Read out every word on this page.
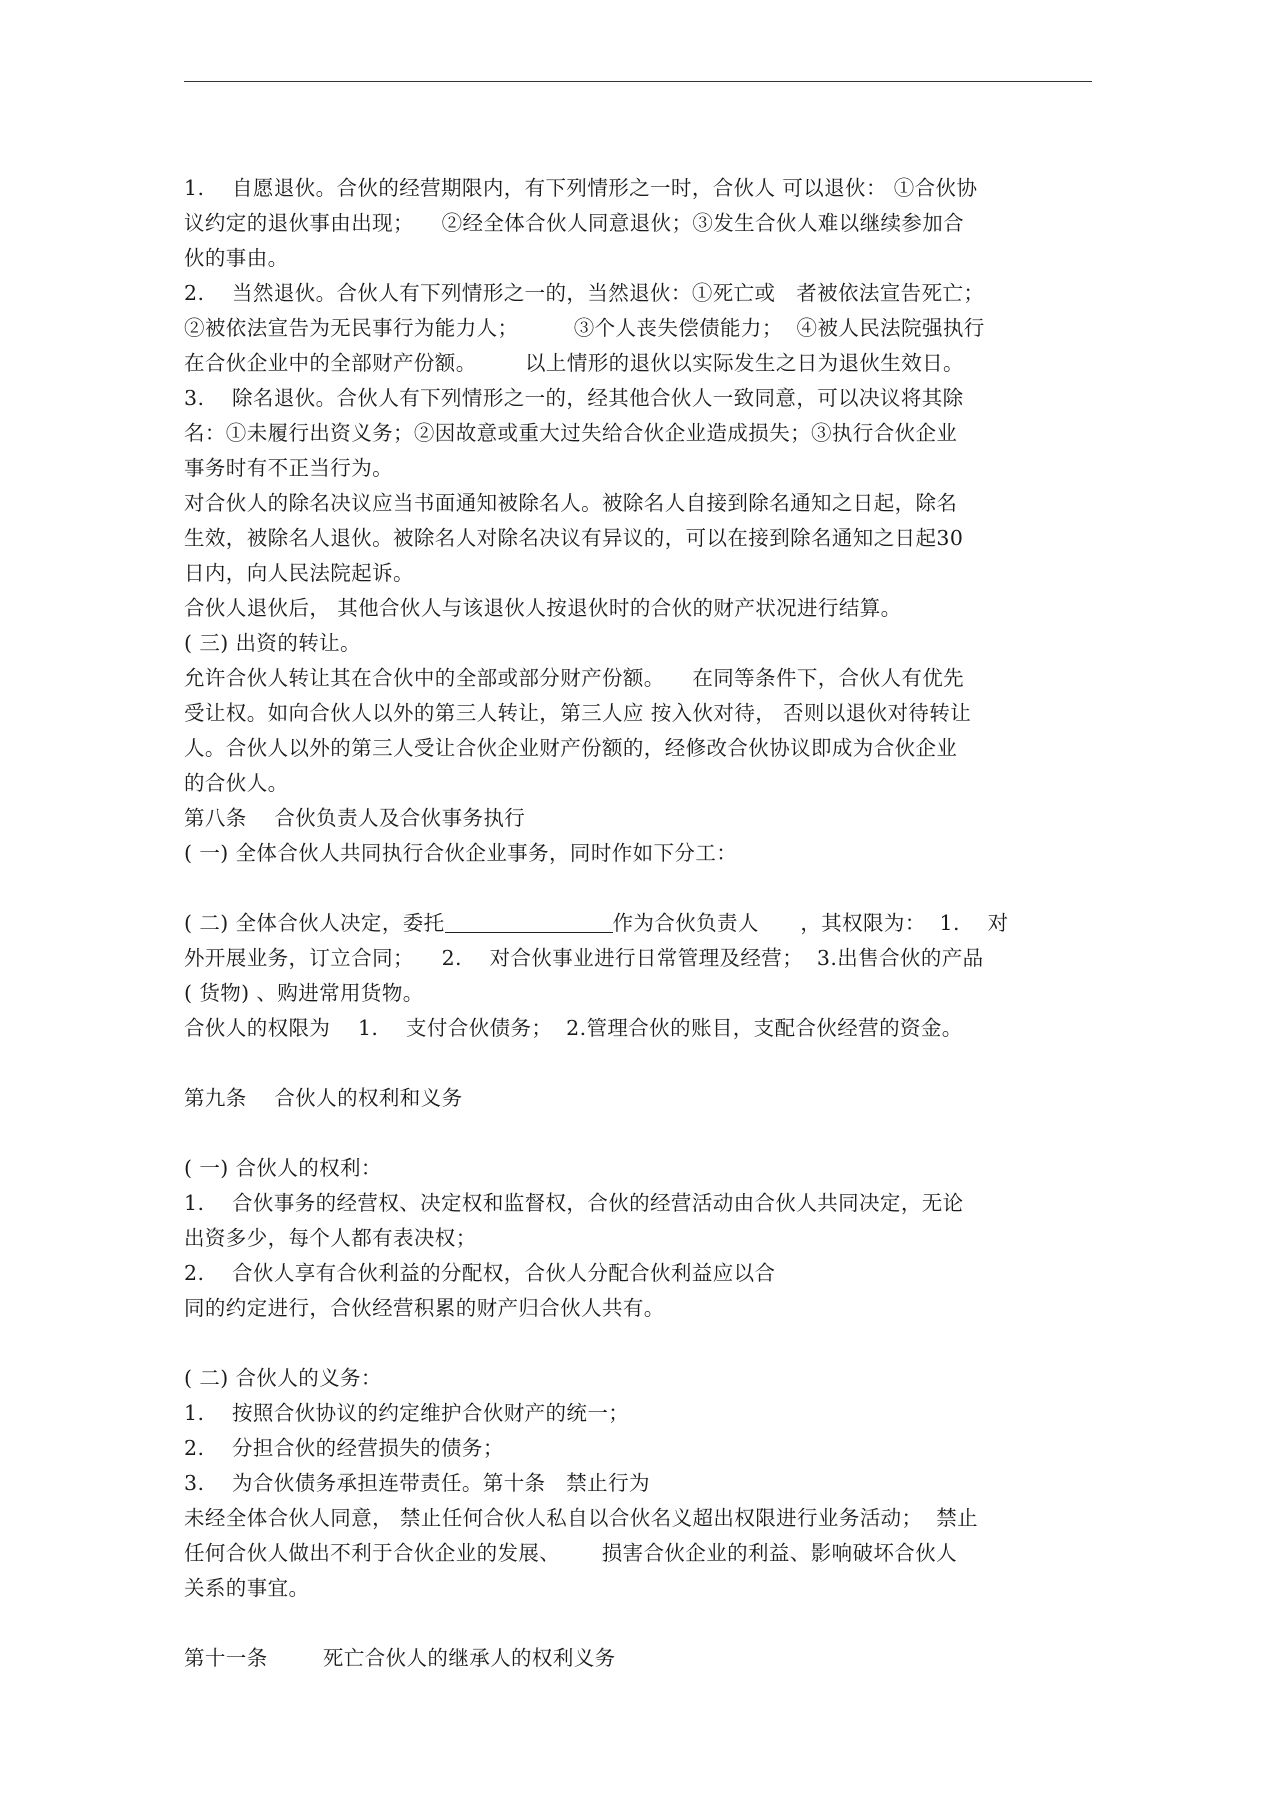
1.    自愿退伙。合伙的经营期限内，有下列情形之一时，合伙人 可以退伙： ①合伙协
议约定的退伙事由出现；    ②经全体合伙人同意退伙；③发生合伙人难以继续参加合
伙的事由。
2.    当然退伙。合伙人有下列情形之一的，当然退伙：①死亡或   者被依法宣告死亡；
②被依法宣告为无民事行为能力人；        ③个人丧失偿债能力；  ④被人民法院强执行
在合伙企业中的全部财产份额。       以上情形的退伙以实际发生之日为退伙生效日。
3.    除名退伙。合伙人有下列情形之一的，经其他合伙人一致同意，可以决议将其除
名：①未履行出资义务；②因故意或重大过失给合伙企业造成损失；③执行合伙企业
事务时有不正当行为。
对合伙人的除名决议应当书面通知被除名人。被除名人自接到除名通知之日起，除名
生效，被除名人退伙。被除名人对除名决议有异议的，可以在接到除名通知之日起30
日内，向人民法院起诉。
合伙人退伙后， 其他合伙人与该退伙人按退伙时的合伙的财产状况进行结算。
( 三) 出资的转让。
允许合伙人转让其在合伙中的全部或部分财产份额。    在同等条件下，合伙人有优先
受让权。如向合伙人以外的第三人转让，第三人应 按入伙对待， 否则以退伙对待转让
人。合伙人以外的第三人受让合伙企业财产份额的，经修改合伙协议即成为合伙企业
的合伙人。
第八条    合伙负责人及合伙事务执行
( 一) 全体合伙人共同执行合伙企业事务，同时作如下分工：
( 二) 全体合伙人决定，委托	作为合伙负责人      ，其权限为：  1.    对
外开展业务，订立合同；    2.    对合伙事业进行日常管理及经营；  3.出售合伙的产品
( 货物) 、购进常用货物。
合伙人的权限为    1.    支付合伙债务；  2.管理合伙的账目，支配合伙经营的资金。
第九条    合伙人的权利和义务
( 一) 合伙人的权利：
1.    合伙事务的经营权、决定权和监督权，合伙的经营活动由合伙人共同决定，无论
出资多少，每个人都有表决权；
2.    合伙人享有合伙利益的分配权，合伙人分配合伙利益应以合
同的约定进行，合伙经营积累的财产归合伙人共有。
( 二) 合伙人的义务：
1.    按照合伙协议的约定维护合伙财产的统一；
2.    分担合伙的经营损失的债务；
3.    为合伙债务承担连带责任。第十条   禁止行为
未经全体合伙人同意， 禁止任何合伙人私自以合伙名义超出权限进行业务活动；  禁止
任何合伙人做出不利于合伙企业的发展、      损害合伙企业的利益、影响破坏合伙人
关系的事宜。
第十一条        死亡合伙人的继承人的权利义务
